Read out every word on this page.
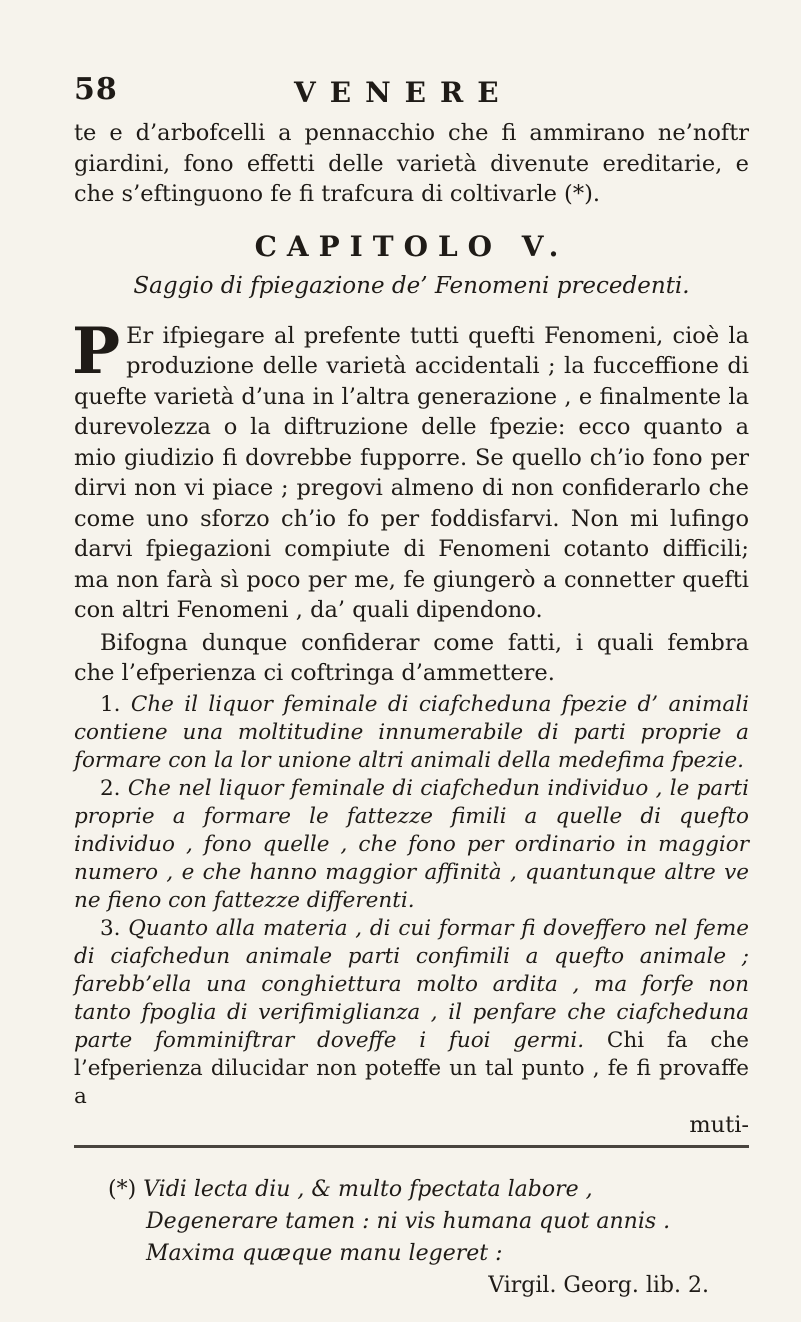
58	VENERE

te e d’arbofcelli a pennacchio che fi ammirano ne’noftr giardini, fono effetti delle varietà divenute ereditarie, e che s’eftinguono fe fi trafcura di coltivarle (*).

CAPITOLO V.

Saggio di fpiegazione de’ Fenomeni precedenti.

P Er ifpiegare al prefente tutti quefti Fenomeni, cioè la produzione delle varietà accidentali ; la fucceffione di quefte varietà d’una in l’altra generazione , e finalmente la durevolezza o la diftruzione delle fpezie: ecco quanto a mio giudizio fi dovrebbe fupporre. Se quello ch’io fono per dirvi non vi piace ; pregovi almeno di non confiderarlo che come uno sforzo ch’io fo per foddisfarvi. Non mi lufingo darvi fpiegazioni compiute di Fenomeni cotanto difficili; ma non farà sì poco per me, fe giungerò a connetter quefti con altri Fenomeni , da’ quali dipendono.

Bifogna dunque confiderar come fatti, i quali fembra che l’efperienza ci coftringa d’ammettere.

1. Che il liquor feminale di ciafcheduna fpezie d’ animali contiene una moltitudine innumerabile di parti proprie a formare con la lor unione altri animali della medefima fpezie.

2. Che nel liquor feminale di ciafchedun individuo , le parti proprie a formare le fattezze fimili a quelle di quefto individuo , fono quelle , che fono per ordinario in maggior numero , e che hanno maggior affinità , quantunque altre ve ne fieno con fattezze differenti.

3. Quanto alla materia , di cui formar fi doveffero nel feme di ciafchedun animale parti confimili a quefto animale ; farebb’ella una conghiettura molto ardita , ma forfe non tanto fpoglia di verifimiglianza , il penfare che ciafcheduna parte fomminiftrar doveffe i fuoi germi. Chi fa che l’efperienza dilucidar non poteffe un tal punto , fe fi provaffe a

muti-

(*) Vidi lecta diu , & multo fpectata labore ,

Degenerare tamen : ni vis humana quot annis .

Maxima quæque manu legeret :

Virgil. Georg. lib. 2.
